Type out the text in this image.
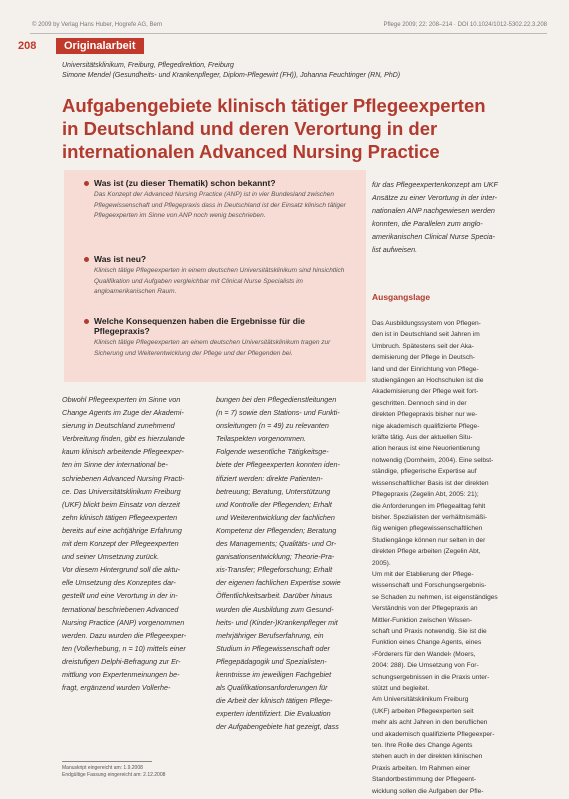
© 2009 by Verlag Hans Huber, Hogrefe AG, Bern	Pflege 2009; 22: 208–214 · DOI 10.1024/1012-5302.22.3.208
208	Originalarbeit
Universitätsklinikum, Freiburg, Pflegedirektion, Freiburg
Simone Mendel (Gesundheits- und Krankenpfleger, Diplom-Pflegewirt (FH)), Johanna Feuchtinger (RN, PhD)
Aufgabengebiete klinisch tätiger Pflegeexperten
in Deutschland und deren Verortung in der
internationalen Advanced Nursing Practice
Was ist (zu dieser Thematik) schon bekannt?
Das Konzept der Advanced Nursing Practice (ANP) ist in vier Bundesland zwischen Pflegewissenschaft und Pflegepraxis dass in Deutschland ist der Einsatz klinisch tätiger Pflegeexperten im Sinne von ANP noch wenig beschrieben.
Was ist neu?
Klinisch tätige Pflegeexperten in einem deutschen Universitätsklinikum sind hinsichtlich Qualifikation und Aufgaben vergleichbar mit Clinical Nurse Specialists im angloamerikanischen Raum.
Welche Konsequenzen haben die Ergebnisse für die Pflegepraxis?
Klinisch tätige Pflegeexperten an einem deutschen Universitätsklinikum tragen zur Sicherung und Weiterentwicklung der Pflege und der Pflegenden bei.

Obwohl Pflegeexperten im Sinne von

Change Agents im Zuge der Akademi-

sierung in Deutschland zunehmend

Verbreitung finden, gibt es hierzulande

kaum klinisch arbeitende Pflegeexper-

ten im Sinne der international be-

schriebenen Advanced Nursing Practi-

ce. Das Universitätsklinikum Freiburg

(UKF) blickt beim Einsatz von derzeit

zehn klinisch tätigen Pflegeexperten

bereits auf eine achtjährige Erfahrung

mit dem Konzept der Pflegeexperten

und seiner Umsetzung zurück.

Vor diesem Hintergrund soll die aktu-

elle Umsetzung des Konzeptes dar-

gestellt und eine Verortung in der in-

ternational beschriebenen Advanced

Nursing Practice (ANP) vorgenommen

werden. Dazu wurden die Pflegeexper-

ten (Vollerhebung, n = 10) mittels einer

dreistufigen Delphi-Befragung zur Er-

mittlung von Expertenmeinungen be-

fragt, ergänzend wurden Vollerhe-

bungen bei den Pflegedienstleitungen

(n = 7) sowie den Stations- und Funkti-

onsleitungen (n = 49) zu relevanten

Teilaspekten vorgenommen.

Folgende wesentliche Tätigkeitsge-

biete der Pflegeexperten konnten iden-

tifiziert werden: direkte Patienten-

betreuung; Beratung, Unterstützung

und Kontrolle der Pflegenden; Erhalt

und Weiterentwicklung der fachlichen

Kompetenz der Pflegenden; Beratung

des Managements; Qualitäts- und Or-

ganisationsentwicklung; Theorie-Pra-

xis-Transfer; Pflegeforschung; Erhalt

der eigenen fachlichen Expertise sowie

Öffentlichkeitsarbeit. Darüber hinaus

wurden die Ausbildung zum Gesund-

heits- und (Kinder-)Krankenpfleger mit

mehrjähriger Berufserfahrung, ein

Studium in Pflegewissenschaft oder

Pflegepädagogik und Spezialisten-

kenntnisse im jeweiligen Fachgebiet

als Qualifikationsanforderungen für

die Arbeit der klinisch tätigen Pflege-

experten identifiziert. Die Evaluation

der Aufgabengebiete hat gezeigt, dass

für das Pflegeexpertenkonzept am UKF

Ansätze zu einer Verortung in der inter-

nationalen ANP nachgewiesen werden

konnten, die Parallelen zum anglo-

amerikanischen Clinical Nurse Specia-

list aufweisen.

Ausgangslage

Das Ausbildungssystem von Pflegen-

den ist in Deutschland seit Jahren im

Umbruch. Spätestens seit der Aka-

demisierung der Pflege in Deutsch-

land und der Einrichtung von Pflege-

studiengängen an Hochschulen ist die

Akademisierung der Pflege weit fort-

geschritten. Dennoch sind in der

direkten Pflegepraxis bisher nur we-

nige akademisch qualifizierte Pflege-

kräfte tätig. Aus der aktuellen Situ-

ation heraus ist eine Neuorientierung

notwendig (Dornheim, 2004). Eine selbst-

ständige, pflegerische Expertise auf

wissenschaftlicher Basis ist der direkten

Pflegepraxis (Zegelin Abt, 2005: 21);

die Anforderungen im Pflegealltag fehlt

bisher. Spezialisten der verhältnismäßi-

ßig wenigen pflegewissenschaftlichen

Studiengänge können nur selten in der

direkten Pflege arbeiten (Zegelin Abt,

2005).

Um mit der Etablierung der Pflege-

wissenschaft und Forschungsergebnis-

se Schaden zu nehmen, ist eigenständiges

Verständnis von der Pflegepraxis an

Mittler-Funktion zwischen Wissen-

schaft und Praxis notwendig. Sie ist die

Funktion eines Change Agents, eines

›Förderers für den Wandel‹ (Moers,

2004: 288). Die Umsetzung von For-

schungsergebnissen in die Praxis unter-

stützt und begleitet.

Am Universitätsklinikum Freiburg

(UKF) arbeiten Pflegeexperten seit

mehr als acht Jahren in den beruflichen

und akademisch qualifizierte Pflegeexper-

ten. Ihre Rolle des Change Agents

stehen auch in der direkten klinischen

Praxis arbeiten. Im Rahmen einer

Standortbestimmung der Pflegeent-

wicklung sollen die Aufgaben der Pfle-

Manuskript eingereicht am: 1.9.2008
Endgültige Fassung eingereicht am: 2.12.2008
